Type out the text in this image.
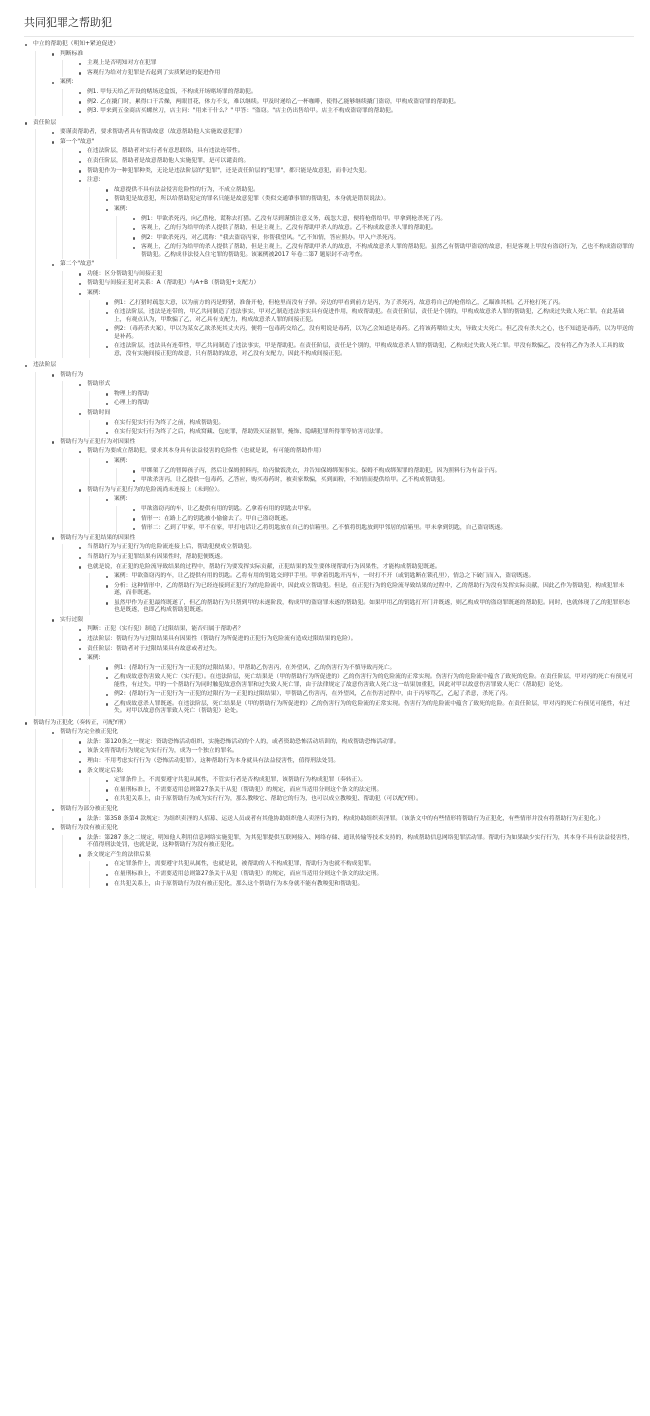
共同犯罪之帮助犯
中立的帮助犯（明知+紧迫促进）
判断标准
主观上是否明知对方在犯罪
客观行为给对方犯罪是否起到了实质紧迫的促进作用
案例:
例1. 甲每天给乙开设的赌场送盒饭，不构成开场赌场罪的帮助犯。
例2. 乙在撬门时，累得口干舌燥，两眼冒花，体力不支，难以继续。甲及时递给乙一杯咖啡，使得乙能够继续撬门盗窃，甲构成盗窃罪的帮助犯。
例3. 甲来到五金商店买螺丝刀，店主问："用来干什么？" 甲答："盗窃。"店主仍出售给甲。店主不构成盗窃罪的帮助犯。
责任阶层
要谨责帮助者，要求帮助者具有帮助故意（故意帮助他人实施故意犯罪）
第一个"故意"
在违法阶层，帮助者对实行者有意思联络，具有违法连带性。
在责任阶层，帮助者是故意帮助他人实施犯罪，是可以谴责的。
帮助犯作为一种犯罪种类，无论是违法阶层的"犯罪"，还是责任阶层的"犯罪"，都只能是故意犯，而非过失犯。
注意:
故意提供不具有法益侵害危险性的行为，不成立帮助犯。
帮助犯是故意犯，所以给帮助犯定的罪名只能是故意犯罪（类似交通肇事罪的帮助犯，本身就是错误说法）。
案例:
例1：甲欲杀死丙，向乙借枪，谎称去打猎。乙没有尽到谨慎注意义务，疏忽大意，便将枪借给甲。甲拿到枪杀死了丙。
客观上，乙的行为给甲的杀人提供了帮助，但是主观上，乙没有帮助甲杀人的故意。乙不构成故意杀人罪的帮助犯。
例2：甲欲杀死丙，对乙谎称："我去盗窃丙家，你帮我望风。"乙不知情，答应照办。甲入户杀死丙。
客观上，乙的行为给甲的杀人提供了帮助，但是主观上，乙没有帮助甲杀人的故意，不构成故意杀人罪的帮助犯。虽然乙有帮助甲盗窃的故意，但是客观上甲没有盗窃行为，乙也不构成盗窃罪的帮助犯。乙构成非法侵入住宅罪的帮助犯。该案例被2017 年卷二第7 题原封不动考查。
第二个"故意"
功能：区分帮助犯与间接正犯
帮助犯与间接正犯对关系：A（帮助犯）与A+B（帮助犯+支配力）
案例:
例1：乙打猎时疏忽大意，以为前方的丙是野猪，准备开枪，但枪里而没有子弹。旁边的甲看到前方是丙，为了杀死丙，故意将自己的枪借给乙，乙瞄准其相。乙开枪打死了丙。
在违法阶层，违法是连带的，甲乙共同制造了违法事实，甲对乙制造违法事实具有促进作用，构成帮助犯。在责任阶层，责任是个别的，甲构成故意杀人罪的帮助犯，乙构成过失致人死亡罪。在此基础上，有观点认为，甲欺骗了乙，对乙具有支配力，构成故意杀人罪的间接正犯。
例2：（毒药杀夫案），甲以为某女乙欲杀死其丈夫丙，便将一包毒药交给乙，没有明说是毒药，以为乙会知道是毒药。乙将该药喂给丈夫，导致丈夫死亡。但乙没有杀夫之心，也不知道是毒药，以为甲送的是补药。
在违法阶层，违法具有连带性，甲乙共同制造了违法事实，甲是帮助犯。在责任阶层，责任是个别的，甲构成故意杀人罪的帮助犯，乙构成过失致人死亡罪。甲没有欺骗乙，没有将乙作为杀人工具的故意，没有实施间接正犯的故意，只有帮助的故意，对乙没有支配力，因此不构成间接正犯。
违法阶层
帮助行为
帮助形式
物理上的帮助
心理上的帮助
帮助时间
在实行犯实行行为终了之前，构成帮助犯。
在实行犯实行行为终了之后，构成窝藏、包庇罪，帮助毁灭证据罪，掩饰、隐瞒犯罪所得罪等妨害司法罪。
帮助行为与正犯行为对因果性
帮助行为要成立帮助犯，要求其本身具有法益侵害的危险性（也就是说，有可能的帮助作用）
案例:
甲绑架了乙的智障孩子丙，然后让保姆照料丙，给丙做饭洗衣，并告知保姆绑架事实。保姆不构成绑架罪的帮助犯，因为照料行为有益于丙。
甲欲杀害丙，让乙提供一包毒药，乙答应，购买毒药时，被卖家欺骗，买到面粉，不知情而提供给甲。乙不构成帮助犯。
帮助行为与正犯行为的危险流尚未连接上（未到位）。
案例:
甲欲盗窃丙的车，让乙提供有用的钥匙。乙拿着有用的钥匙去甲家。
情形一：在路上乙的钥匙被小偷偷去了。甲自己盗窃既遂。
情形二：乙到了甲家，甲不在家，甲打电话让乙将钥匙放在自己的信箱里。乙不慎将钥匙放到甲邻居的信箱里。甲未拿到钥匙，自己盗窃既遂。
帮助行为与正犯结果的因果性
当帮助行为与正犯行为的危险流连接上后，帮助犯便成立帮助犯。
当帮助行为与正犯罪结果有因果性时，帮助犯便既遂。
也就是说，在正犯的危险流导致结果的过程中，帮助行为要发挥实际贡献，正犯结果的发生要体现帮助行为因果性，才能构成帮助犯既遂。
案例：甲欲盗窃丙的车，让乙提供有用的钥匙。乙将有用的钥匙交到甲手里。甲拿着钥匙开丙车，一时打不开（或钥匙断在锁孔里），情急之下破门而入，盗窃既遂。
分析：这种情形中，乙的帮助行为已经连接到正犯行为的危险流中，因此成立帮助犯。但是，在正犯行为的危险流导致结果的过程中，乙的帮助行为没有发挥实际贡献，因此乙作为帮助犯，构成犯罪未遂，而非既遂。
虽然甲作为正犯最终既遂了，但乙的帮助行为只帮到甲的未遂阶段，构成甲的盗窃罪未遂的帮助犯。如果甲用乙的钥匙打开门并既遂，则乙构成甲的盗窃罪既遂的帮助犯。同时，也就体现了乙的犯罪形态也是既遂，也即乙构成帮助犯既遂。
实行过限
判断：正犯（实行犯）制造了过限结果，能否归属于帮助者？
违法阶层：帮助行为与过限结果具有因果性（帮助行为所促进的正犯行为危险流有造成过限结果的危险）。
责任阶层：帮助者对于过限结果具有故意或者过失。
案例:
例1：(帮助行为一正犯行为一正犯的过限结果），甲帮助乙伤害丙，在外望风，乙的伤害行为不慎导致丙死亡。
乙构成故意伤害致人死亡（实行犯）。在违法阶层，死亡结果是（甲的帮助行为所促进的）乙的伤害行为的危险流的正常实现。伤害行为的危险流中蕴含了致死的危险。在责任阶层，甲对丙的死亡有预见可能性，有过失。甲的一个帮助行为同时触犯故意伤害罪和过失致人死亡罪，由于法律规定了故意伤害致人死亡这一结果加重犯，因此对甲以故意伤害罪致人死亡（帮助犯）论处。
例2：(帮助行为一正犯行为一正犯的过限行为一正犯的过限结果），甲帮助乙伤害丙，在外望风，乙在伤害过程中，由于丙辱骂乙，乙起了杀意，杀死了丙。
乙构成故意杀人罪既遂。在违法阶层，死亡结果是（甲的帮助行为所促进的）乙的伤害行为的危险流的正常实现。伤害行为的危险流中蕴含了致死的危险。在责任阶层，甲对丙的死亡有预见可能性，有过失。对甲以故意伤害罪致人死亡（帮助犯）论处。
帮助行为正犯化（奏转正，可配Y刑）
帮助行为完全被正犯化
法条：第120条之一规定：资助恐怖活动组织、实施恐怖活动的个人的，或者资助恐怖活动培训的，构成帮助恐怖活动罪。
该条文将帮助行为规定为实行行为，成为一个独立的罪名。
理由：不用考虑实行行为（恐怖活动犯罪），这种帮助行为本身就具有法益侵害性，值得刑法处罚。
条文规定后果:
定罪条件上，不需要遵守共犯从属性，不管实行者是否构成犯罪，该帮助行为构成犯罪（奏转正）。
在量刑标准上，不需要适用总则第27条关于从犯（帮助犯）的规定，而应当适用分则这个条文的法定刑。
在共犯关系上，由于原帮助行为成为实行行为，那么教唆它、帮助它的行为，也可以成立教唆犯、帮助犯（可以配Y刑）。
帮助行为部分被正犯化
法条：第358 条第4 款规定：为组织卖淫的人招募、运送人员或者有其他协助组织他人卖淫行为的，构成协助组织卖淫罪。（该条文中的有些情形将帮助行为正犯化，有些情形并没有将帮助行为正犯化。）
帮助行为没有被正犯化
法条：第287 条之二规定，明知他人利用信息网络实施犯罪，为其犯罪提供互联网接入、网络存储、通讯传输等技术支持的，构成帮助信息网络犯罪活动罪。帮助行为如果缺少实行行为，其本身不具有法益侵害性，不值得刑法处罚，也就是说，这种帮助行为没有被正犯化。
条文规定产生的法律后果
在定罪条件上，需要遵守共犯从属性，也就是说，被帮助的人不构成犯罪，帮助行为也就不构成犯罪。
在量刑标准上，不需要适用总则第27条关于从犯（帮助犯）的规定，而应当适用分则这个条文的法定刑。
在共犯关系上，由于原帮助行为没有被正犯化，那么这个帮助行为本身就不能有教唆犯和帮助犯。
